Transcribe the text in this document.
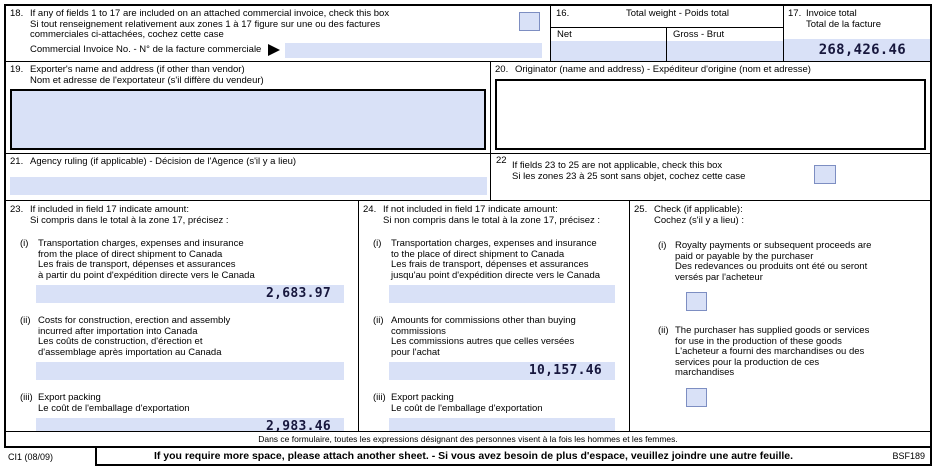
18. If any of fields 1 to 17 are included on an attached commercial invoice, check this box
Si tout renseignement relativement aux zones 1 à 17 figure sur une ou des factures
commerciales ci-attachées, cochez cette case
Commercial Invoice No. - N° de la facture commerciale
16.	Total weight - Poids total
Net	Gross - Brut
17. Invoice total
Total de la facture
268,426.46
19. Exporter's name and address (if other than vendor)
Nom et adresse de l'exportateur (s'il diffère du vendeur)
20. Originator (name and address) - Expéditeur d'origine (nom et adresse)
21. Agency ruling (if applicable) - Décision de l'Agence (s'il y a lieu)	22 If fields 23 to 25 are not applicable, check this box
Si les zones 23 à 25 sont sans objet, cochez cette case
23. If included in field 17 indicate amount:
Si compris dans le total à la zone 17, précisez :
(i)	Transportation charges, expenses and insurance
from the place of direct shipment to Canada
Les frais de transport, dépenses et assurances
à partir du point d'expédition directe vers le Canada
2,683.97
(ii) Costs for construction, erection and assembly
incurred after importation into Canada
Les coûts de construction, d'érection et
d'assemblage après importation au Canada
(iii) Export packing
Le coût de l'emballage d'exportation
2,983.46
24. If not included in field 17 indicate amount:
Si non compris dans le total à la zone 17, précisez :
(i)	Transportation charges, expenses and insurance
to the place of direct shipment to Canada
Les frais de transport, dépenses et assurances
jusqu'au point d'expédition directe vers le Canada
(ii) Amounts for commissions other than buying
commissions
Les commissions autres que celles versées
pour l'achat
10,157.46
(iii) Export packing
Le coût de l'emballage d'exportation
25. Check (if applicable):
Cochez (s'il y a lieu) :
(i) Royalty payments or subsequent proceeds are
paid or payable by the purchaser
Des redevances ou produits ont été ou seront
versés par l'acheteur
(ii) The purchaser has supplied goods or services
for use in the production of these goods
L'acheteur a fourni des marchandises ou des
services pour la production de ces
marchandises
Dans ce formulaire, toutes les expressions désignant des personnes visent à la fois les hommes et les femmes.
CI1 (08/09)	If you require more space, please attach another sheet. - Si vous avez besoin de plus d'espace, veuillez joindre une autre feuille.	BSF189
